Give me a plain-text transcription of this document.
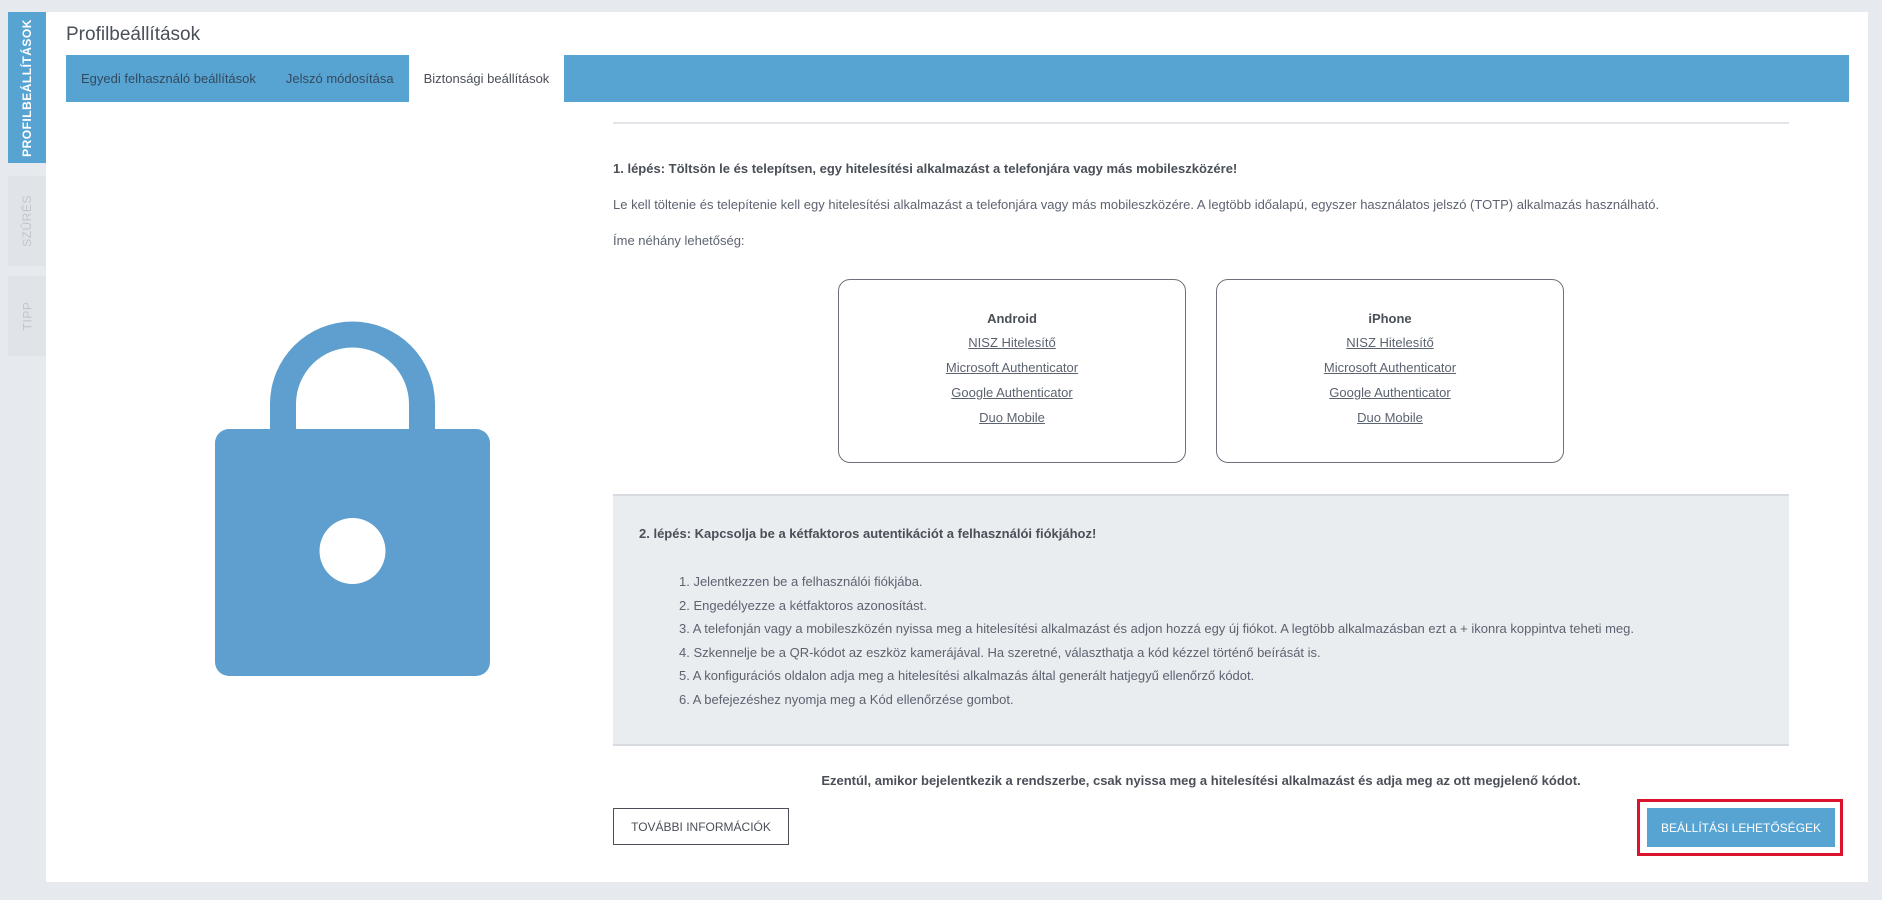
PROFILBEÁLLÍTÁSOK
SZŰRÉS
TIPP
Profilbeállítások
Egyedi felhasználó beállítások	Jelszó módosítása	Biztonsági beállítások
1. lépés: Töltsön le és telepítsen, egy hitelesítési alkalmazást a telefonjára vagy más mobileszközére!
Le kell töltenie és telepítenie kell egy hitelesítési alkalmazást a telefonjára vagy más mobileszközére. A legtöbb időalapú, egyszer használatos jelszó (TOTP) alkalmazás használható.
Íme néhány lehetőség:
Android
NISZ Hitelesítő
Microsoft Authenticator
Google Authenticator
Duo Mobile
iPhone
NISZ Hitelesítő
Microsoft Authenticator
Google Authenticator
Duo Mobile
2. lépés: Kapcsolja be a kétfaktoros autentikációt a felhasználói fiókjához!
1. Jelentkezzen be a felhasználói fiókjába.
2. Engedélyezze a kétfaktoros azonosítást.
3. A telefonján vagy a mobileszközén nyissa meg a hitelesítési alkalmazást és adjon hozzá egy új fiókot. A legtöbb alkalmazásban ezt a + ikonra koppintva teheti meg.
4. Szkennelje be a QR-kódot az eszköz kamerájával. Ha szeretné, választhatja a kód kézzel történő beírását is.
5. A konfigurációs oldalon adja meg a hitelesítési alkalmazás által generált hatjegyű ellenőrző kódot.
6. A befejezéshez nyomja meg a Kód ellenőrzése gombot.
Ezentúl, amikor bejelentkezik a rendszerbe, csak nyissa meg a hitelesítési alkalmazást és adja meg az ott megjelenő kódot.
TOVÁBBI INFORMÁCIÓK	BEÁLLÍTÁSI LEHETŐSÉGEK
